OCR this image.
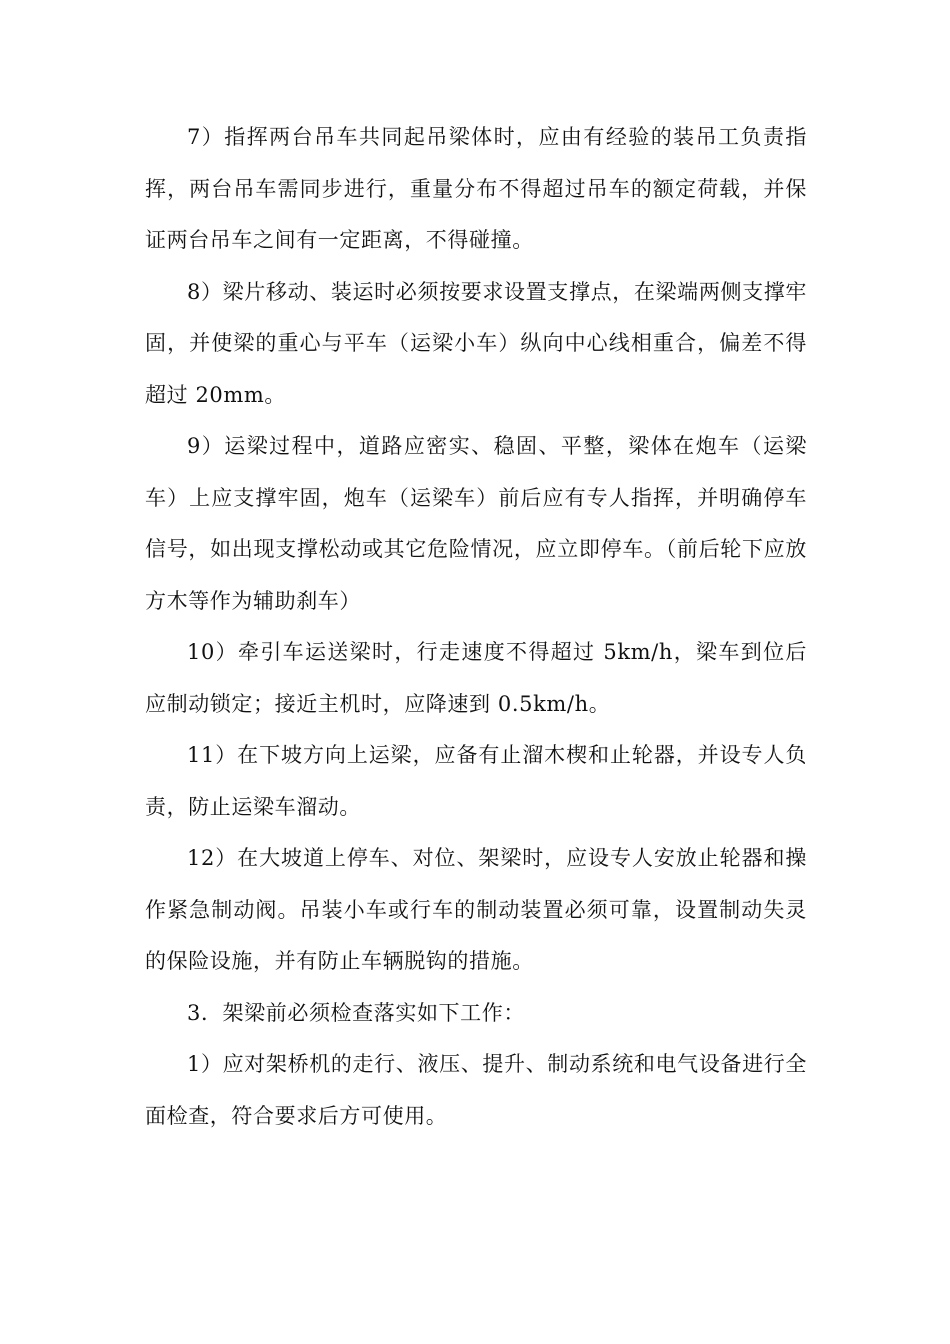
7）指挥两台吊车共同起吊梁体时，应由有经验的装吊工负责指挥，两台吊车需同步进行，重量分布不得超过吊车的额定荷载，并保证两台吊车之间有一定距离，不得碰撞。

8）梁片移动、装运时必须按要求设置支撑点，在梁端两侧支撑牢固，并使梁的重心与平车（运梁小车）纵向中心线相重合，偏差不得超过 20mm。

9）运梁过程中，道路应密实、稳固、平整，梁体在炮车（运梁车）上应支撑牢固，炮车（运梁车）前后应有专人指挥，并明确停车信号，如出现支撑松动或其它危险情况，应立即停车。（前后轮下应放方木等作为辅助刹车）

10）牵引车运送梁时，行走速度不得超过 5km/h，梁车到位后应制动锁定；接近主机时，应降速到 0.5km/h。

11）在下坡方向上运梁，应备有止溜木楔和止轮器，并设专人负责，防止运梁车溜动。

12）在大坡道上停车、对位、架梁时，应设专人安放止轮器和操作紧急制动阀。吊装小车或行车的制动装置必须可靠，设置制动失灵的保险设施，并有防止车辆脱钩的措施。

3．架梁前必须检查落实如下工作：

1）应对架桥机的走行、液压、提升、制动系统和电气设备进行全面检查，符合要求后方可使用。
